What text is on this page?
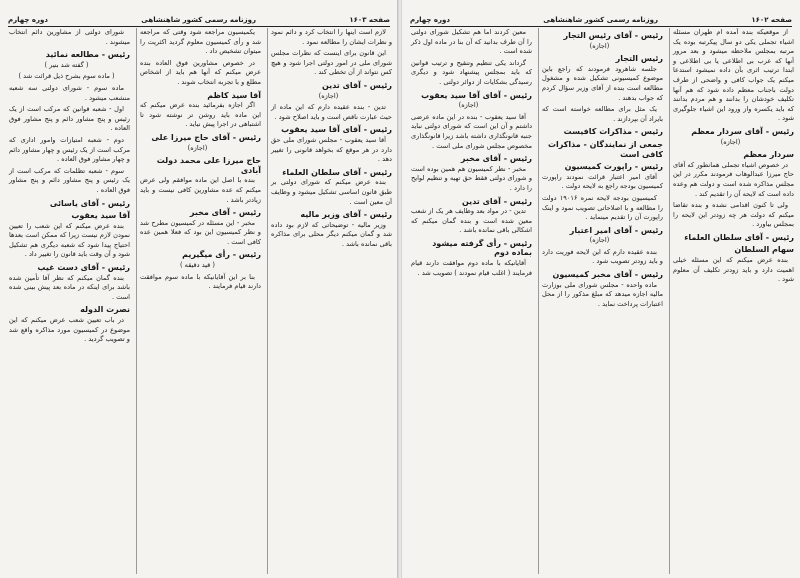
صفحه ۱۶۰۳
روزنامه رسمی کشور شاهنشاهی
دوره چهارم

لازم است اینها را انتخاب کرد و دائم نمود و نظرات ایشان را مطالعه نمود .

این قانون برای اینست که نظرات مجلس شورای ملی در امور دولتی اجرا شود و هیچ کس نتواند از آن تخطی کند .

رئیس - آقای تدین

(اجازه)

تدین - بنده عقیده دارم که این ماده از حیث عبارت ناقص است و باید اصلاح شود .

رئیس - آقای آقا سید یعقوب

آقا سید یعقوب - مجلس شورای ملی حق دارد در هر موقع که بخواهد قانونی را تغییر دهد .

رئیس - آقای سلطان العلماء

بنده عرض میکنم که شورای دولتی بر طبق قانون اساسی تشکیل میشود و وظایف آن معین است .

رئیس - آقای وزیر مالیه

وزیر مالیه - توضیحاتی که لازم بود داده شد و گمان میکنم دیگر محلی برای مذاکره باقی نمانده باشد .

یکمیسیون مراجعه شود وقتی که مراجعه شد و رأی کمیسیون معلوم گردید اکثریت را میتوان تشخیص داد .

در خصوص مشاورین فوق العاده بنده عرض میکنم که آنها هم باید از اشخاص مطلع و با تجربه انتخاب شوند .

آقا سید کاظم

اگر اجازه بفرمائید بنده عرض میکنم که این ماده باید روشن تر نوشته شود تا اشتباهی در اجرا پیش نیاید .

رئیس - آقای حاج میرزا علی

(اجازه)

حاج میرزا علی محمد دولت آبادی

بنده با اصل این ماده موافقم ولی عرض میکنم که عده مشاورین کافی نیست و باید زیادتر باشد .

رئیس - آقای مخبر

مخبر - این مسئله در کمیسیون مطرح شد و نظر کمیسیون این بود که فعلا همین عده کافی است .

رئیس - رأی میگیریم

( قید دقیقه )

بنا بر این آقایانیکه با ماده سوم موافقت دارند قیام فرمایند .

شورای دولتی از مشاورین دائم انتخاب میشوند .

رئیس - مطالعه نمائید

( گفته شد بنیر )

( ماده سوم بشرح ذیل قرائت شد )

ماده سوم - شورای دولتی سه شعبه منشعب میشود .

اول - شعبه قوانین که مرکب است از یک رئیس و پنج مشاور دائم و پنج مشاور فوق العاده .

دوم - شعبه امتیازات وامور اداری که مرکب است از یک رئیس و چهار مشاور دائم و چهار مشاور فوق العاده .

سوم - شعبه تظلمات که مرکب است از یک رئیس و پنج مشاور دائم و پنج مشاور فوق العاده .

رئیس - آقای یاسائی
آقا سید یعقوب

بنده عرض میکنم که این شعب را تعیین نمودن لازم نیست زیرا که ممکن است بعدها احتیاج پیدا شود که شعبه دیگری هم تشکیل شود و آن وقت باید قانون را تغییر داد .

رئیس - آقای دست غیب

بنده گمان میکنم که نظر آقا تأمین شده باشد برای اینکه در ماده بعد پیش بینی شده است .

نصرت الدوله

در باب تعیین شعب عرض میکنم که این موضوع در کمیسیون مورد مذاکره واقع شد و تصویب گردید .

صفحه ۱۶۰۲
روزنامه رسمی کشور شاهنشاهی
دوره چهارم

از موقعیکه بنده آمده ام طهران مسئله اشیاء تجملی یکی دو سال پیکرتبه بوده یک مرتبه بمجلس ملاحظه میشود و بعد مرور آنها که عرب بی اطلاعی یا بی اطلاعی و ابتدا ترتیب اثری بآن داده نمیشود استدعا میکنم یک جواب کافی و واضحی از طرف دولت باجناب معظم داده شود که هم آنها تکلیف خودشان را بدانند و هم مردم بدانند که باید یکسره واز ورود این اشیاء جلوگیری شود .

رئیس - آقای سردار معظم

(اجازه)

سردار معظم

در خصوص اشیاء تجملی همانطور که آقای حاج میرزا عبدالوهاب فرمودند مکرر در این مجلس مذاکره شده است و دولت هم وعده داده است که لایحه آن را تقدیم کند .

ولی تا کنون اقدامی نشده و بنده تقاضا میکنم که دولت هر چه زودتر این لایحه را بمجلس بیاورد .

رئیس - آقای سلطان العلماء
سهام السلطان

بنده عرض میکنم که این مسئله خیلی اهمیت دارد و باید زودتر تکلیف آن معلوم شود .

رئیس - آقای رئیس التجار

(اجازه)

رئیس التجار

جلسه شاهرود فرمودند که راجع باین موضوع کمیسیونی تشکیل شده و مشغول مطالعه است بنده از آقای وزیر سؤال کردم که جواب بدهند .

یک مثل برای مطالعه خواسته است که بایراد آن بپردازند .

رئیس - مذاکرات کافیست
جمعی از نمایندگان - مذاکرات کافی است
رئیس - راپورت کمیسیون

آقای امیر اعتبار قرائت نمودند راپورت کمیسیون بودجه راجع به لایحه دولت .

کمیسیون بودجه لایحه نمره ۱۹۰۱۶ دولت را مطالعه و با اصلاحاتی تصویب نمود و اینک راپورت آن را تقدیم مینماید .

رئیس - آقای امیر اعتبار

(اجازه)

بنده عقیده دارم که این لایحه فوریت دارد و باید زودتر تصویب شود .

رئیس - آقای مخبر کمیسیون

ماده واحده - مجلس شورای ملی بوزارت مالیه اجازه میدهد که مبلغ مذکور را از محل اعتبارات پرداخت نماید .

معین کردند اما هم تشکیل شورای دولتی را آن طرف بدانید که آن بنا در ماده اول ذکر شده است .

گرداند یکی تنظیم وتنقیح و ترتیب قوانین که باید بمجلس پیشنهاد شود و دیگری رسیدگی بشکایات از دوائر دولتی .

رئیس - آقای آقا سید یعقوب

(اجازه)

آقا سید یعقوب - بنده در این ماده عرضی داشتم و آن این است که شورای دولتی نباید جنبه قانونگذاری داشته باشد زیرا قانونگذاری مخصوص مجلس شورای ملی است .

رئیس - آقای مخبر

مخبر - نظر کمیسیون هم همین بوده است و شورای دولتی فقط حق تهیه و تنظیم لوایح را دارد .

رئیس - آقای تدین

تدین - در مواد بعد وظایف هر یک از شعب معین شده است و بنده گمان میکنم که اشکالی باقی نمانده باشد .

رئیس - رأی گرفته میشود بماده دوم

آقایانیکه با ماده دوم موافقت دارند قیام فرمایند ( اغلب قیام نمودند ) تصویب شد .
